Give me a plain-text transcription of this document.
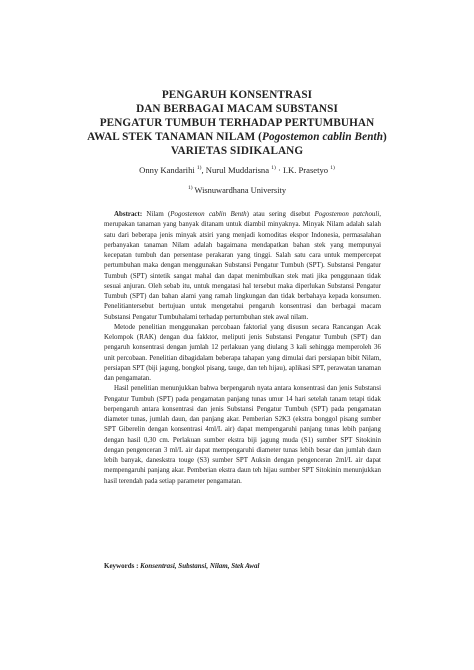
PENGARUH KONSENTRASI
DAN BERBAGAI MACAM SUBSTANSI
PENGATUR TUMBUH TERHADAP PERTUMBUHAN
AWAL STEK TANAMAN NILAM (Pogostemon cablin Benth)
VARIETAS SIDIKALANG
Onny Kandarihi $^{1)}$, Nurul Muddarisna $^{1)}$ · I.K. Prasetyo $^{1)}$
$^{1)}$ Wisnuwardhana University

Abstract: Nilam (Pogostemon cablin Benth) atau sering disebut Pogostemon patchouli, merupakan tanaman yang banyak ditanam untuk diambil minyaknya. Minyak Nilam adalah salah satu dari beberapa jenis minyak atsiri yang menjadi komoditas ekspor Indonesia, permasalahan perbanyakan tanaman Nilam adalah bagaimana mendapatkan bahan stek yang mempunyai kecepatan tumbuh dan persentase perakaran yang tinggi. Salah satu cara untuk mempercepat pertumbuhan maka dengan menggunakan Substansi Pengatur Tumbuh (SPT). Substansi Pengatur Tumbuh (SPT) sintetik sangat mahal dan dapat menimbulkan stek mati jika penggunaan tidak sesuai anjuran. Oleh sebab itu, untuk mengatasi hal tersebut maka diperlukan Substansi Pengatur Tumbuh (SPT) dan bahan alami yang ramah lingkungan dan tidak berbahaya kepada konsumen. Penelitiantersebut bertujuan untuk mengetahui pengaruh konsentrasi dan berbagai macam Substansi Pengatur Tumbuhalami terhadap pertumbuhan stek awal nilam.

Metode penelitian menggunakan percobaan faktorial yang disusun secara Rancangan Acak Kelompok (RAK) dengan dua fakktor, meliputi jenis Substansi Pengatur Tumbuh (SPT) dan pengaruh konsentrasi dengan jumlah 12 perlakuan yang diulang 3 kali sehingga memperoleh 36 unit percobaan. Penelitian dibagidalam beberapa tahapan yang dimulai dari persiapan bibit Nilam, persiapan SPT (biji jagung, bongkol pisang, tauge, dan teh hijau), aplikasi SPT, perawatan tanaman dan pengamatan.

Hasil penelitian menunjukkan bahwa berpengaruh nyata antara konsentrasi dan jenis Substansi Pengatur Tumbuh (SPT) pada pengamatan panjang tunas umur 14 hari setelah tanam tetapi tidak berpengaruh antara konsentrasi dan jenis Substansi Pengatur Tumbuh (SPT) pada pengamatan diameter tunas, jumlah daun, dan panjang akar. Pemberian S2K3 (ekstra bonggol pisang sumber SPT Giberelin dengan konsentrasi 4ml/L air) dapat mempengaruhi panjang tunas lebih panjang dengan hasil 0,30 cm. Perlakuan sumber ekstra biji jagung muda (S1) sumber SPT Sitokinin dengan pengenceran 3 ml/L air dapat mempengaruhi diameter tunas lebih besar dan jumlah daun lebih banyak, daneskstra touge (S3) sumber SPT Auksin dengan pengenceran 2ml/L air dapat mempengaruhi panjang akar. Pemberian ekstra daun teh hijau sumber SPT Sitokinin menunjukkan hasil terendah pada setiap parameter pengamatan.

Keywords : Konsentrasi, Substansi, Nilam, Stek Awal
